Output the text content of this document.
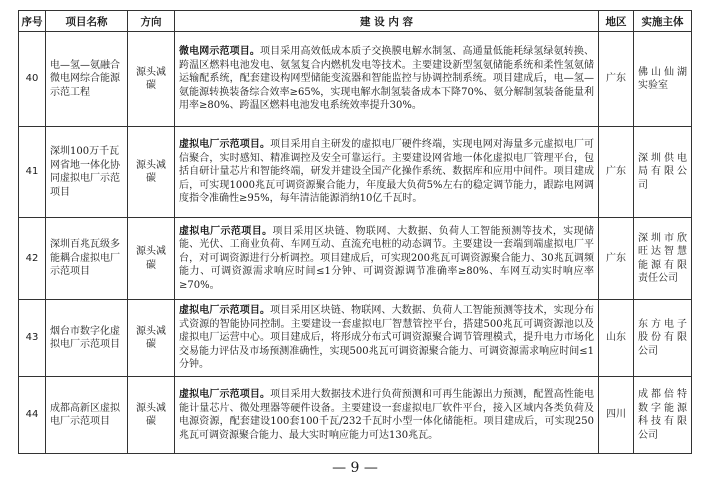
序号	项目名称	方向	建 设 内 容	地区	实施主体
40	电—氢—氨融合微电网综合能源示范工程	源头减碳	微电网示范项目。项目采用高效低成本质子交换膜电解水制氢、高通量低能耗绿氢绿氨转换、跨温区燃料电池发电、氨氢复合内燃机发电等技术。主要建设新型氢氨储能系统和柔性氢氨储运输配系统，配套建设构网型储能变流器和智能监控与协调控制系统。项目建成后，电—氢—氨能源转换装备综合效率≥65%，实现电解水制氢装备成本下降70%、氨分解制氢装备能量利用率≥80%、跨温区燃料电池发电系统效率提升30%。	广东	佛山仙湖实验室
41	深圳100万千瓦网省地一体化协同虚拟电厂示范项目	源头减碳	虚拟电厂示范项目。项目采用自主研发的虚拟电厂硬件终端，实现电网对海量多元虚拟电厂可信聚合，实时感知、精准调控及安全可靠运行。主要建设网省地一体化虚拟电厂管理平台，包括自研计量芯片和智能终端，研发并建设全国产化操作系统、数据库和应用中间件。项目建成后，可实现1000兆瓦可调资源聚合能力，年度最大负荷5%左右的稳定调节能力，跟踪电网调度指令准确性≥95%，每年清洁能源消纳10亿千瓦时。	广东	深圳供电局有限公司
42	深圳百兆瓦级多能耦合虚拟电厂示范项目	源头减碳	虚拟电厂示范项目。项目采用区块链、物联网、大数据、负荷人工智能预测等技术，实现储能、光伏、工商业负荷、车网互动、直流充电桩的动态调节。主要建设一套端到端虚拟电厂平台，对可调资源进行分析调控。项目建成后，可实现200兆瓦可调资源聚合能力、30兆瓦调频能力、可调资源需求响应时间≤1分钟、可调资源调节准确率≥80%、车网互动实时响应率≥70%。	广东	深圳市欣旺达智慧能源有限责任公司
43	烟台市数字化虚拟电厂示范项目	源头减碳	虚拟电厂示范项目。项目采用区块链、物联网、大数据、负荷人工智能预测等技术，实现分布式资源的智能协同控制。主要建设一套虚拟电厂智慧管控平台，搭建500兆瓦可调资源池以及虚拟电厂运营中心。项目建成后，将形成分布式可调资源聚合调节管理模式，提升电力市场化交易能力评估及市场预测准确性，实现500兆瓦可调资源聚合能力、可调资源需求响应时间≤1分钟。	山东	东方电子股份有限公司
44	成都高新区虚拟电厂示范项目	源头减碳	虚拟电厂示范项目。项目采用大数据技术进行负荷预测和可再生能源出力预测，配置高性能电能计量芯片、微处理器等硬件设备。主要建设一套虚拟电厂软件平台，接入区域内各类负荷及电源资源，配套建设100套100千瓦/232千瓦时小型一体化储能柜。项目建成后，可实现250兆瓦可调资源聚合能力、最大实时响应能力可达130兆瓦。	四川	成都倍特数字能源科技有限公司
— 9 —
